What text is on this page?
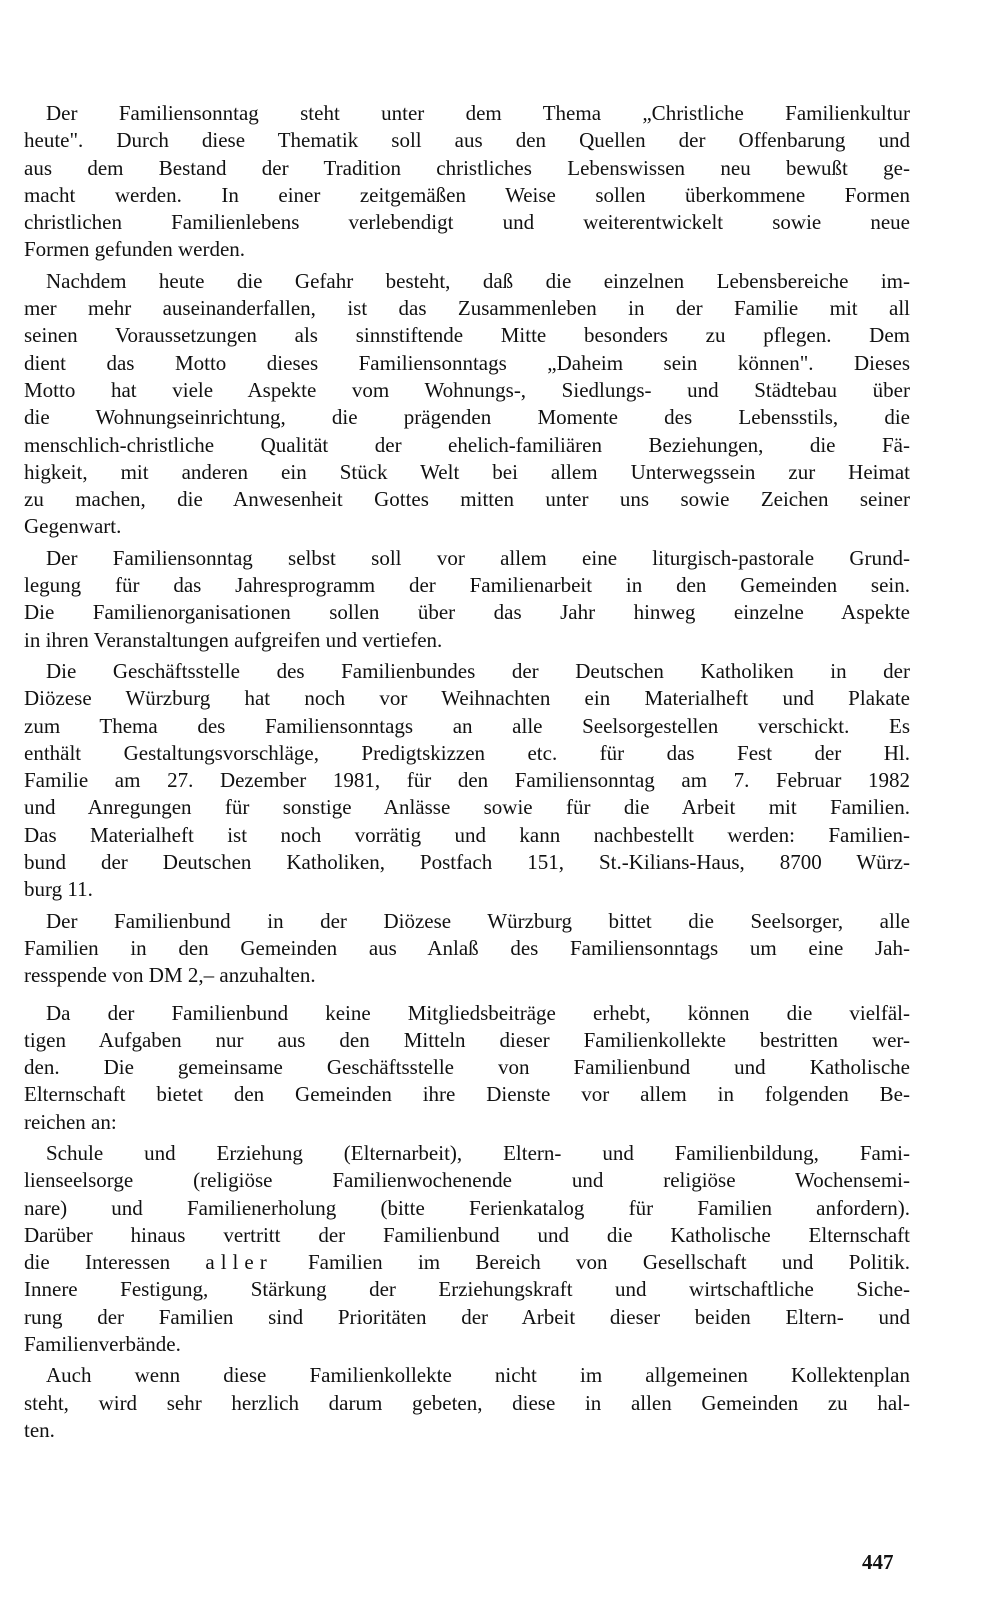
Der Familiensonntag steht unter dem Thema „Christliche Familienkultur
heute". Durch diese Thematik soll aus den Quellen der Offenbarung und
aus dem Bestand der Tradition christliches Lebenswissen neu bewußt ge-
macht werden. In einer zeitgemäßen Weise sollen überkommene Formen
christlichen Familienlebens verlebendigt und weiterentwickelt sowie neue
Formen gefunden werden.
Nachdem heute die Gefahr besteht, daß die einzelnen Lebensbereiche im-
mer mehr auseinanderfallen, ist das Zusammenleben in der Familie mit all
seinen Voraussetzungen als sinnstiftende Mitte besonders zu pflegen. Dem
dient das Motto dieses Familiensonntags „Daheim sein können". Dieses
Motto hat viele Aspekte vom Wohnungs-, Siedlungs- und Städtebau über
die Wohnungseinrichtung, die prägenden Momente des Lebensstils, die
menschlich-christliche Qualität der ehelich-familiären Beziehungen, die Fä-
higkeit, mit anderen ein Stück Welt bei allem Unterwegssein zur Heimat
zu machen, die Anwesenheit Gottes mitten unter uns sowie Zeichen seiner
Gegenwart.
Der Familiensonntag selbst soll vor allem eine liturgisch-pastorale Grund-
legung für das Jahresprogramm der Familienarbeit in den Gemeinden sein.
Die Familienorganisationen sollen über das Jahr hinweg einzelne Aspekte
in ihren Veranstaltungen aufgreifen und vertiefen.
Die Geschäftsstelle des Familienbundes der Deutschen Katholiken in der
Diözese Würzburg hat noch vor Weihnachten ein Materialheft und Plakate
zum Thema des Familiensonntags an alle Seelsorgestellen verschickt. Es
enthält Gestaltungsvorschläge, Predigtskizzen etc. für das Fest der Hl.
Familie am 27. Dezember 1981, für den Familiensonntag am 7. Februar 1982
und Anregungen für sonstige Anlässe sowie für die Arbeit mit Familien.
Das Materialheft ist noch vorrätig und kann nachbestellt werden: Familien-
bund der Deutschen Katholiken, Postfach 151, St.-Kilians-Haus, 8700 Würz-
burg 11.
Der Familienbund in der Diözese Würzburg bittet die Seelsorger, alle
Familien in den Gemeinden aus Anlaß des Familiensonntags um eine Jah-
resspende von DM 2,– anzuhalten.
Da der Familienbund keine Mitgliedsbeiträge erhebt, können die vielfäl-
tigen Aufgaben nur aus den Mitteln dieser Familienkollekte bestritten wer-
den. Die gemeinsame Geschäftsstelle von Familienbund und Katholische
Elternschaft bietet den Gemeinden ihre Dienste vor allem in folgenden Be-
reichen an:
Schule und Erziehung (Elternarbeit), Eltern- und Familienbildung, Fami-
lienseelsorge (religiöse Familienwochenende und religiöse Wochensemi-
nare) und Familienerholung (bitte Ferienkatalog für Familien anfordern).
Darüber hinaus vertritt der Familienbund und die Katholische Elternschaft
die Interessen aller Familien im Bereich von Gesellschaft und Politik.
Innere Festigung, Stärkung der Erziehungskraft und wirtschaftliche Siche-
rung der Familien sind Prioritäten der Arbeit dieser beiden Eltern- und
Familienverbände.
Auch wenn diese Familienkollekte nicht im allgemeinen Kollektenplan
steht, wird sehr herzlich darum gebeten, diese in allen Gemeinden zu hal-
ten.
447
